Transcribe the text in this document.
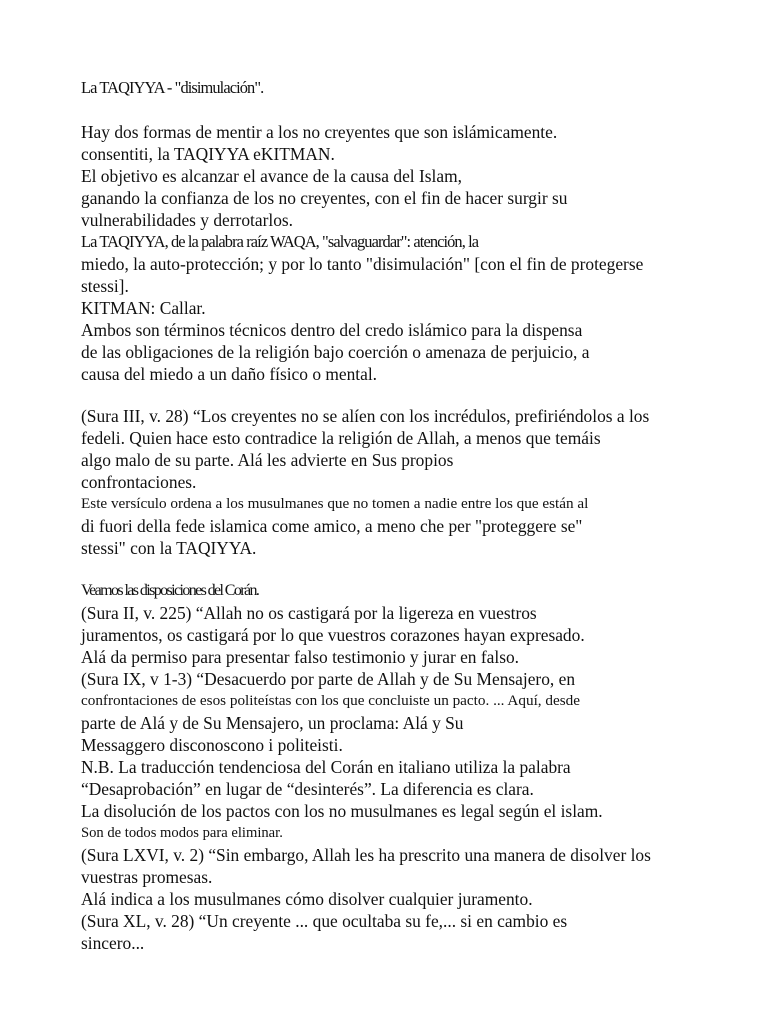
La TAQIYYA - "disimulación".

Hay dos formas de mentir a los no creyentes que son islámicamente.

consentiti, la TAQIYYA eKITMAN.

El objetivo es alcanzar el avance de la causa del Islam,

ganando la confianza de los no creyentes, con el fin de hacer surgir su

vulnerabilidades y derrotarlos.

La TAQIYYA, de la palabra raíz WAQA, "salvaguardar": atención, la

miedo, la auto-protección; y por lo tanto "disimulación" [con el fin de protegerse

stessi].

KITMAN: Callar.

Ambos son términos técnicos dentro del credo islámico para la dispensa

de las obligaciones de la religión bajo coerción o amenaza de perjuicio, a

causa del miedo a un daño físico o mental.

(Sura III, v. 28) “Los creyentes no se alíen con los incrédulos, prefiriéndolos a los

fedeli. Quien hace esto contradice la religión de Allah, a menos que temáis

algo malo de su parte. Alá les advierte en Sus propios

confrontaciones.

Este versículo ordena a los musulmanes que no tomen a nadie entre los que están al

di fuori della fede islamica come amico, a meno che per "proteggere se"

stessi" con la TAQIYYA.

Veamos las disposiciones del Corán.

(Sura II, v. 225) “Allah no os castigará por la ligereza en vuestros

juramentos, os castigará por lo que vuestros corazones hayan expresado.

Alá da permiso para presentar falso testimonio y jurar en falso.

(Sura IX, v 1-3) “Desacuerdo por parte de Allah y de Su Mensajero, en

confrontaciones de esos politeístas con los que concluiste un pacto. ... Aquí, desde

parte de Alá y de Su Mensajero, un proclama: Alá y Su

Messaggero disconoscono i politeisti.

N.B. La traducción tendenciosa del Corán en italiano utiliza la palabra

“Desaprobación” en lugar de “desinterés”. La diferencia es clara.

La disolución de los pactos con los no musulmanes es legal según el islam.

Son de todos modos para eliminar.

(Sura LXVI, v. 2) “Sin embargo, Allah les ha prescrito una manera de disolver los

vuestras promesas.

Alá indica a los musulmanes cómo disolver cualquier juramento.

(Sura XL, v. 28) “Un creyente ... que ocultaba su fe,... si en cambio es

sincero...
